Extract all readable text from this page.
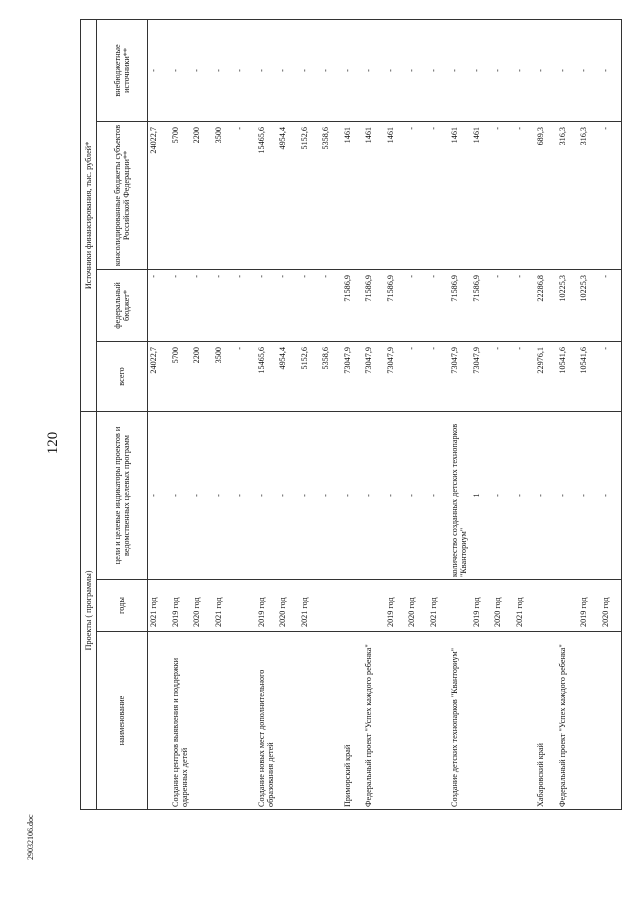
120
Проекты ( программы)			Источники финансирования, тыс. рублей*			
наименование	годы	цели и целевые индикаторы проектов и ведомственных целевых программ	всего	федеральный бюджет*	консолидированные бюджеты субъектов Российской Федерации**	внебюджетные источники**
	2021 год	-	24022,7	-	24022,7	-
Создание центров выявления и поддержки одаренных детей	2019 год	-	5700	-	5700	-
	2020 год	-	2200	-	2200	-
	2021 год	-	3500	-	3500	-
		-	-	-	-	-
Создание новых мест дополнительного образования детей	2019 год	-	15465,6	-	15465,6	-
	2020 год	-	4954,4	-	4954,4	-
	2021 год	-	5152,6	-	5152,6	-
		-	5358,6	-	5358,6	-
Приморский край		-	73047,9	71586,9	1461	-
Федеральный проект "Успех каждого ребенка"		-	73047,9	71586,9	1461	-
	2019 год	-	73047,9	71586,9	1461	-
	2020 год	-	-	-	-	-
	2021 год	-	-	-	-	-
Создание детских технопарков "Кванториум"		количество созданных детских технопарков "Кванториум"	73047,9	71586,9	1461	-
	2019 год	1	73047,9	71586,9	1461	-
	2020 год	-	-	-	-	-
	2021 год	-	-	-	-	-
Хабаровский край		-	22976,1	22286,8	689,3	-
Федеральный проект "Успех каждого ребенка"		-	10541,6	10225,3	316,3	-
	2019 год	-	10541,6	10225,3	316,3	-
	2020 год	-	-	-	-	-
29032106.doc
